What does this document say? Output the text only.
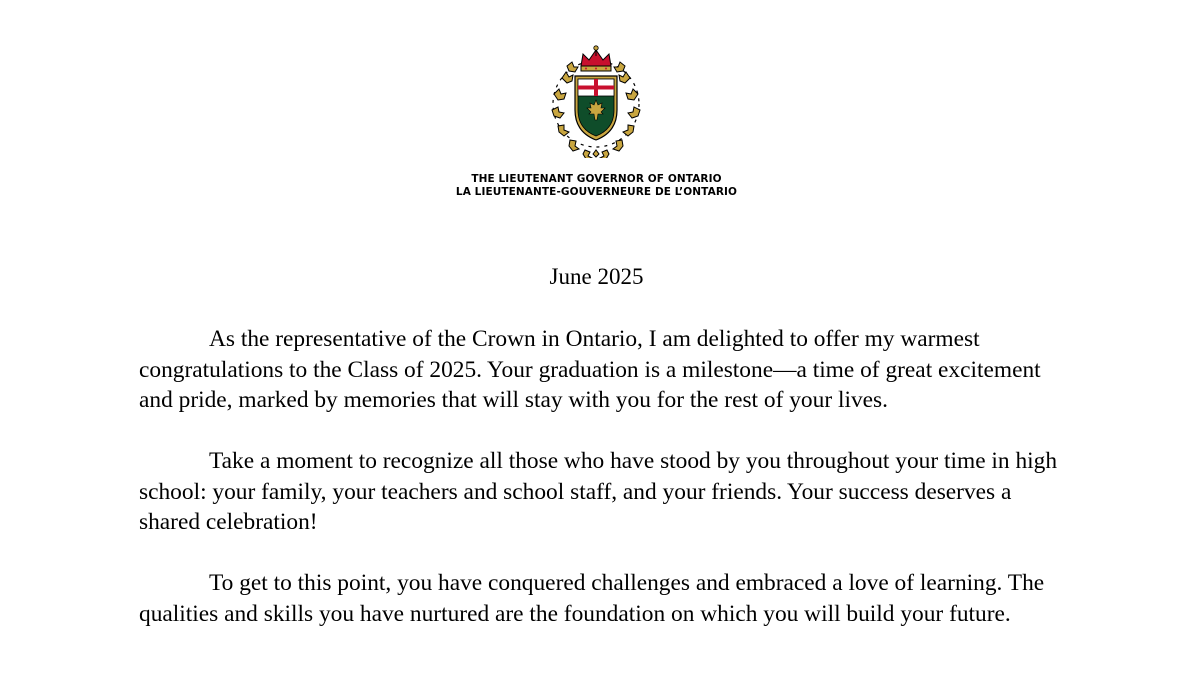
THE LIEUTENANT GOVERNOR OF ONTARIO
LA LIEUTENANTE-GOUVERNEURE DE L’ONTARIO
June 2025

As the representative of the Crown in Ontario, I am delighted to offer my warmest congratulations to the Class of 2025. Your graduation is a milestone—a time of great excitement and pride, marked by memories that will stay with you for the rest of your lives.

Take a moment to recognize all those who have stood by you throughout your time in high school: your family, your teachers and school staff, and your friends. Your success deserves a shared celebration!

To get to this point, you have conquered challenges and embraced a love of learning. The qualities and skills you have nurtured are the foundation on which you will build your future.
